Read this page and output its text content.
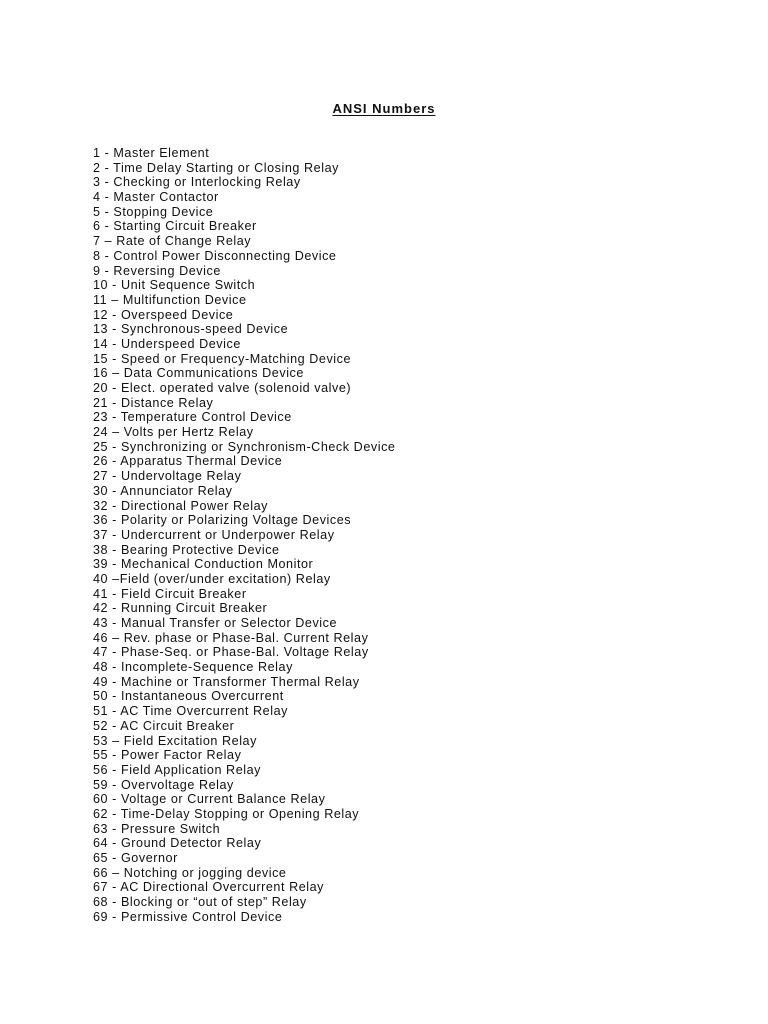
ANSI Numbers
1 - Master Element
2 - Time Delay Starting or Closing Relay
3 - Checking or Interlocking Relay
4 - Master Contactor
5 - Stopping Device
6 - Starting Circuit Breaker
7 – Rate of Change Relay
8 - Control Power Disconnecting Device
9 - Reversing Device
10 - Unit Sequence Switch
11 – Multifunction Device
12 - Overspeed Device
13 - Synchronous-speed Device
14 - Underspeed Device
15 - Speed or Frequency-Matching Device
16 – Data Communications Device
20 - Elect. operated valve (solenoid valve)
21 - Distance Relay
23 - Temperature Control Device
24 – Volts per Hertz Relay
25 - Synchronizing or Synchronism-Check Device
26 - Apparatus Thermal Device
27 - Undervoltage Relay
30 - Annunciator Relay
32 - Directional Power Relay
36 - Polarity or Polarizing Voltage Devices
37 - Undercurrent or Underpower Relay
38 - Bearing Protective Device
39 - Mechanical Conduction Monitor
40 –Field (over/under excitation) Relay
41 - Field Circuit Breaker
42 - Running Circuit Breaker
43 - Manual Transfer or Selector Device
46 – Rev. phase or Phase-Bal. Current Relay
47 - Phase-Seq. or Phase-Bal. Voltage Relay
48 - Incomplete-Sequence Relay
49 - Machine or Transformer Thermal Relay
50 - Instantaneous Overcurrent
51 - AC Time Overcurrent Relay
52 - AC Circuit Breaker
53 – Field Excitation Relay
55 - Power Factor Relay
56 - Field Application Relay
59 - Overvoltage Relay
60 - Voltage or Current Balance Relay
62 - Time-Delay Stopping or Opening Relay
63 - Pressure Switch
64 - Ground Detector Relay
65 - Governor
66 – Notching or jogging device
67 - AC Directional Overcurrent Relay
68 - Blocking or “out of step” Relay
69 - Permissive Control Device
